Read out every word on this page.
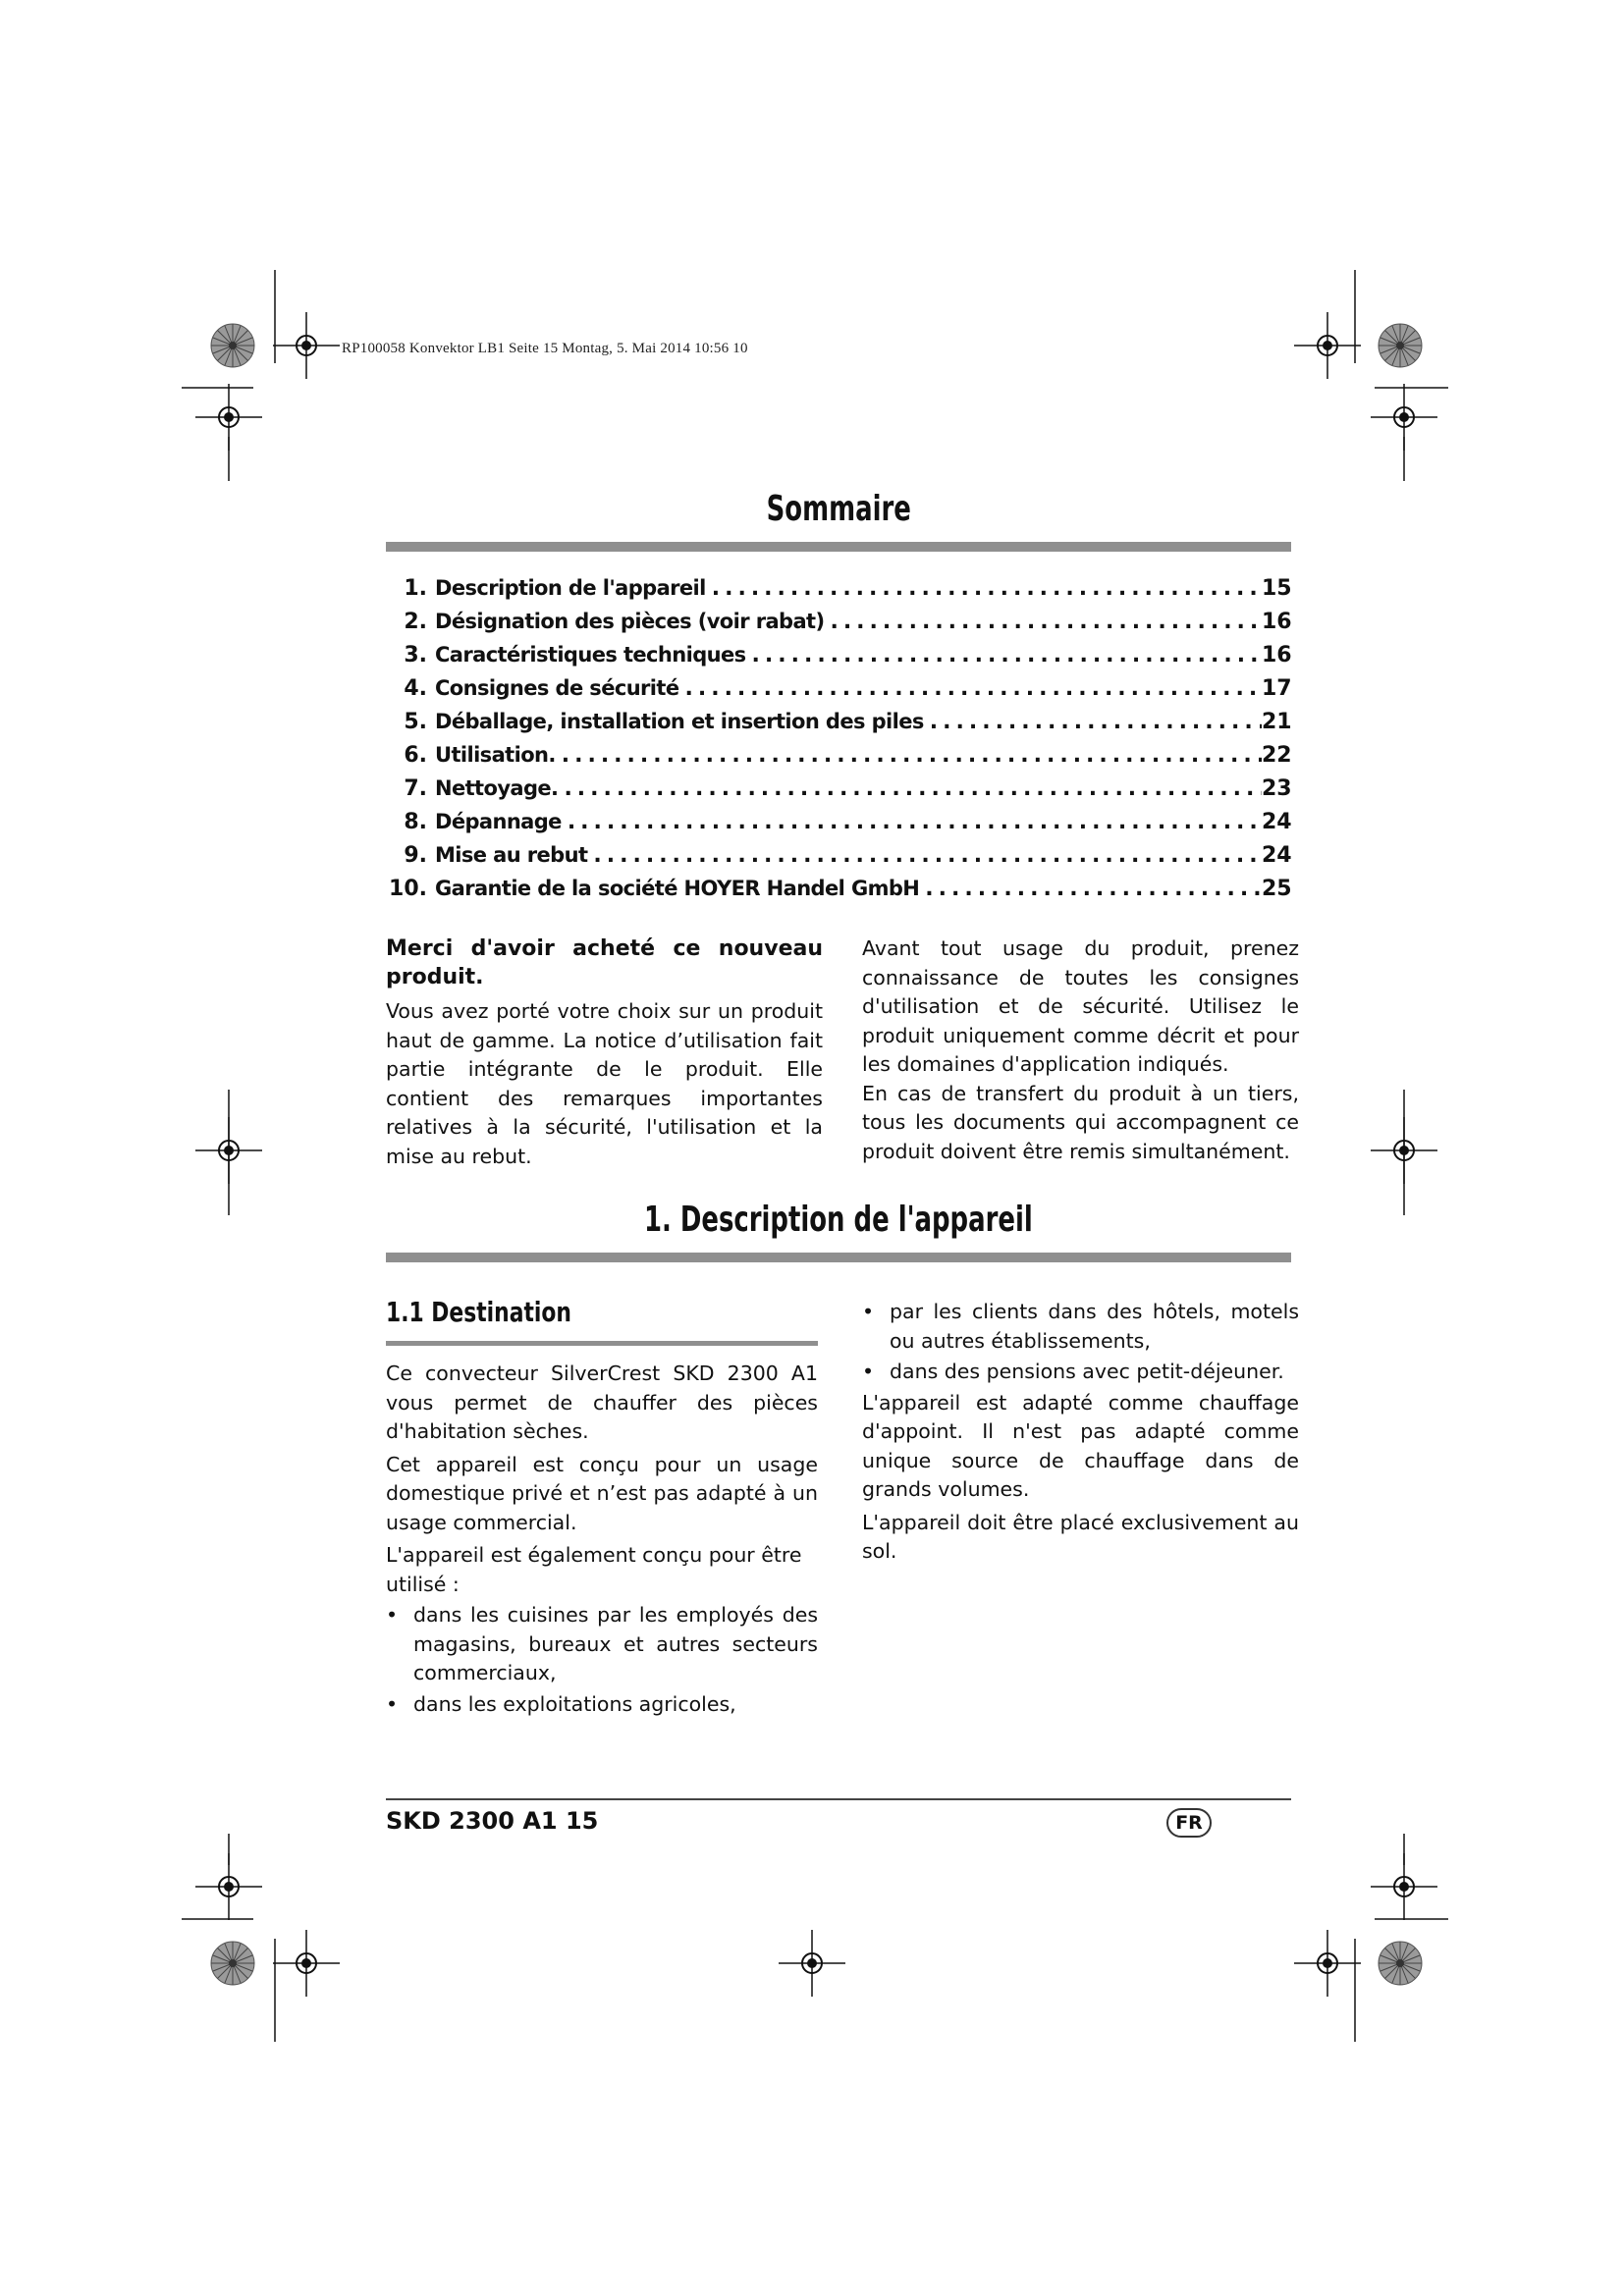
RP100058 Konvektor LB1 Seite 15 Montag, 5. Mai 2014 10:56 10
Sommaire
1. Description de l'appareil .....	15
2. Désignation des pièces (voir rabat) .....	16
3. Caractéristiques techniques .....	16
4. Consignes de sécurité .....	17
5. Déballage, installation et insertion des piles .....	21
6. Utilisation. .....	22
7. Nettoyage. .....	23
8. Dépannage .....	24
9. Mise au rebut .....	24
10. Garantie de la société HOYER Handel GmbH .....	25
Merci d'avoir acheté ce nouveau produit.

Vous avez porté votre choix sur un produit haut de gamme. La notice d’utilisation fait partie intégrante de le produit. Elle contient des remarques importantes relatives à la sécurité, l'utilisation et la mise au rebut.

Avant tout usage du produit, prenez connaissance de toutes les consignes d'utilisation et de sécurité. Utilisez le produit uniquement comme décrit et pour les domaines d'application indiqués.

En cas de transfert du produit à un tiers, tous les documents qui accompagnent ce produit doivent être remis simultanément.

1. Description de l'appareil
1.1 Destination

Ce convecteur SilverCrest SKD 2300 A1 vous permet de chauffer des pièces d'habitation sèches.

Cet appareil est conçu pour un usage domestique privé et n’est pas adapté à un usage commercial.

L'appareil est également conçu pour être utilisé :

• dans les cuisines par les employés des magasins, bureaux et autres secteurs commerciaux,
• dans les exploitations agricoles,
• par les clients dans des hôtels, motels ou autres établissements,
• dans des pensions avec petit-déjeuner.

L'appareil est adapté comme chauffage d'appoint. Il n'est pas adapté comme unique source de chauffage dans de grands volumes.

L'appareil doit être placé exclusivement au sol.

SKD 2300 A1 15	FR
